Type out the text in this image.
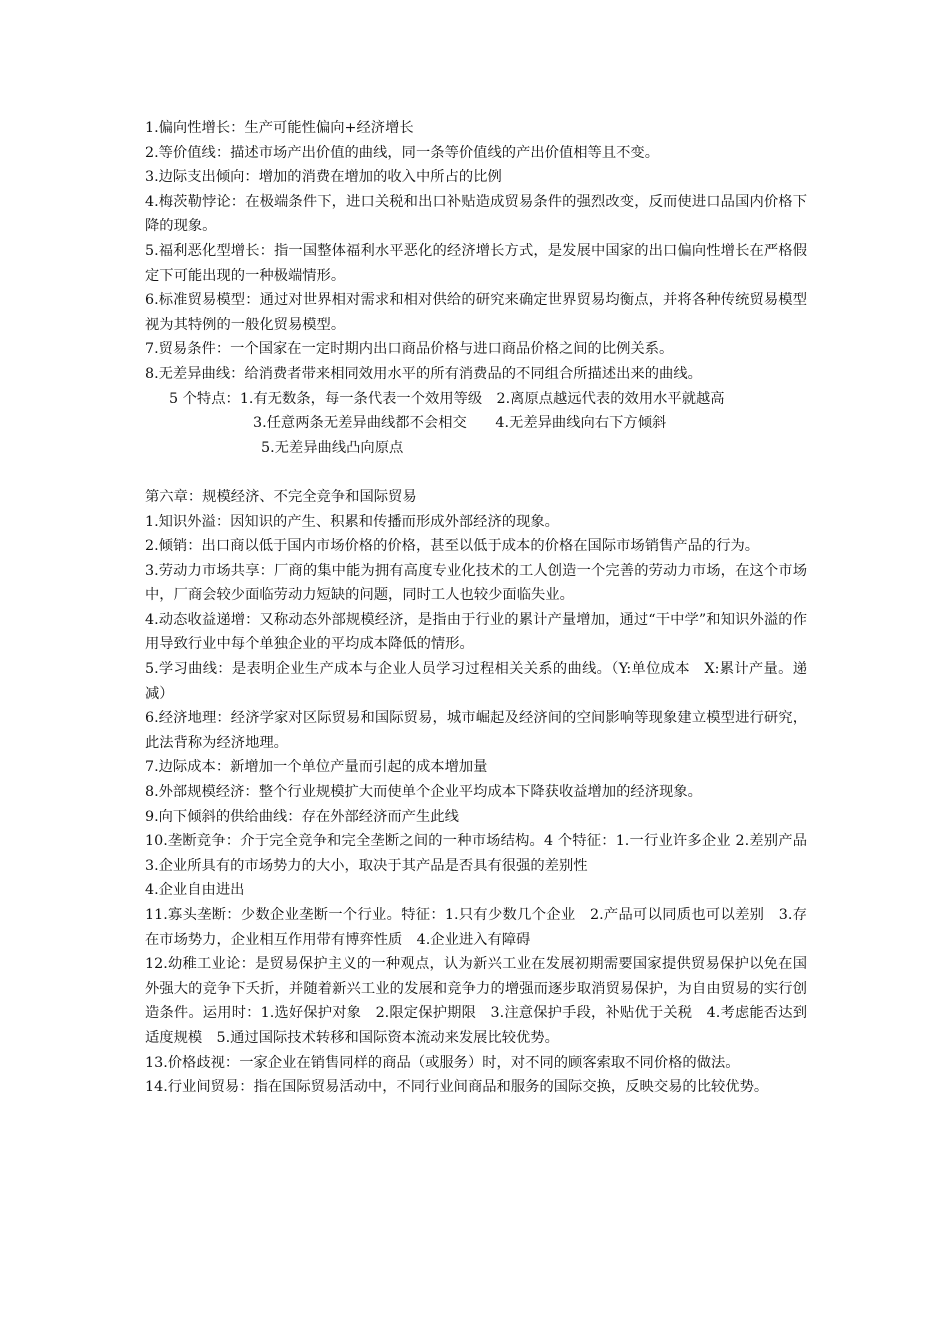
1.偏向性增长：生产可能性偏向+经济增长

2.等价值线：描述市场产出价值的曲线，同一条等价值线的产出价值相等且不变。

3.边际支出倾向：增加的消费在增加的收入中所占的比例

4.梅茨勒悖论：在极端条件下，进口关税和出口补贴造成贸易条件的强烈改变，反而使进口品国内价格下降的现象。

5.福利恶化型增长：指一国整体福利水平恶化的经济增长方式，是发展中国家的出口偏向性增长在严格假定下可能出现的一种极端情形。

6.标准贸易模型：通过对世界相对需求和相对供给的研究来确定世界贸易均衡点，并将各种传统贸易模型视为其特例的一般化贸易模型。

7.贸易条件：一个国家在一定时期内出口商品价格与进口商品价格之间的比例关系。

8.无差异曲线：给消费者带来相同效用水平的所有消费品的不同组合所描述出来的曲线。

5 个特点：1.有无数条，每一条代表一个效用等级　2.离原点越远代表的效用水平就越高

3.任意两条无差异曲线都不会相交　　4.无差异曲线向右下方倾斜

5.无差异曲线凸向原点

第六章：规模经济、不完全竞争和国际贸易

1.知识外溢：因知识的产生、积累和传播而形成外部经济的现象。

2.倾销：出口商以低于国内市场价格的价格，甚至以低于成本的价格在国际市场销售产品的行为。

3.劳动力市场共享：厂商的集中能为拥有高度专业化技术的工人创造一个完善的劳动力市场，在这个市场中，厂商会较少面临劳动力短缺的问题，同时工人也较少面临失业。

4.动态收益递增：又称动态外部规模经济，是指由于行业的累计产量增加，通过“干中学”和知识外溢的作用导致行业中每个单独企业的平均成本降低的情形。

5.学习曲线：是表明企业生产成本与企业人员学习过程相关关系的曲线。（Y:单位成本　X:累计产量。递减）

6.经济地理：经济学家对区际贸易和国际贸易，城市崛起及经济间的空间影响等现象建立模型进行研究，此法背称为经济地理。

7.边际成本：新增加一个单位产量而引起的成本增加量

8.外部规模经济：整个行业规模扩大而使单个企业平均成本下降获收益增加的经济现象。

9.向下倾斜的供给曲线：存在外部经济而产生此线

10.垄断竞争：介于完全竞争和完全垄断之间的一种市场结构。4 个特征：1.一行业许多企业 2.差别产品　3.企业所具有的市场势力的大小，取决于其产品是否具有很强的差别性

4.企业自由进出

11.寡头垄断：少数企业垄断一个行业。特征：1.只有少数几个企业　2.产品可以同质也可以差别　3.存在市场势力，企业相互作用带有博弈性质　4.企业进入有障碍

12.幼稚工业论：是贸易保护主义的一种观点，认为新兴工业在发展初期需要国家提供贸易保护以免在国外强大的竞争下夭折，并随着新兴工业的发展和竞争力的增强而逐步取消贸易保护，为自由贸易的实行创造条件。运用时：1.选好保护对象　2.限定保护期限　3.注意保护手段，补贴优于关税　4.考虑能否达到适度规模　5.通过国际技术转移和国际资本流动来发展比较优势。

13.价格歧视：一家企业在销售同样的商品（或服务）时，对不同的顾客索取不同价格的做法。

14.行业间贸易：指在国际贸易活动中，不同行业间商品和服务的国际交换，反映交易的比较优势。
